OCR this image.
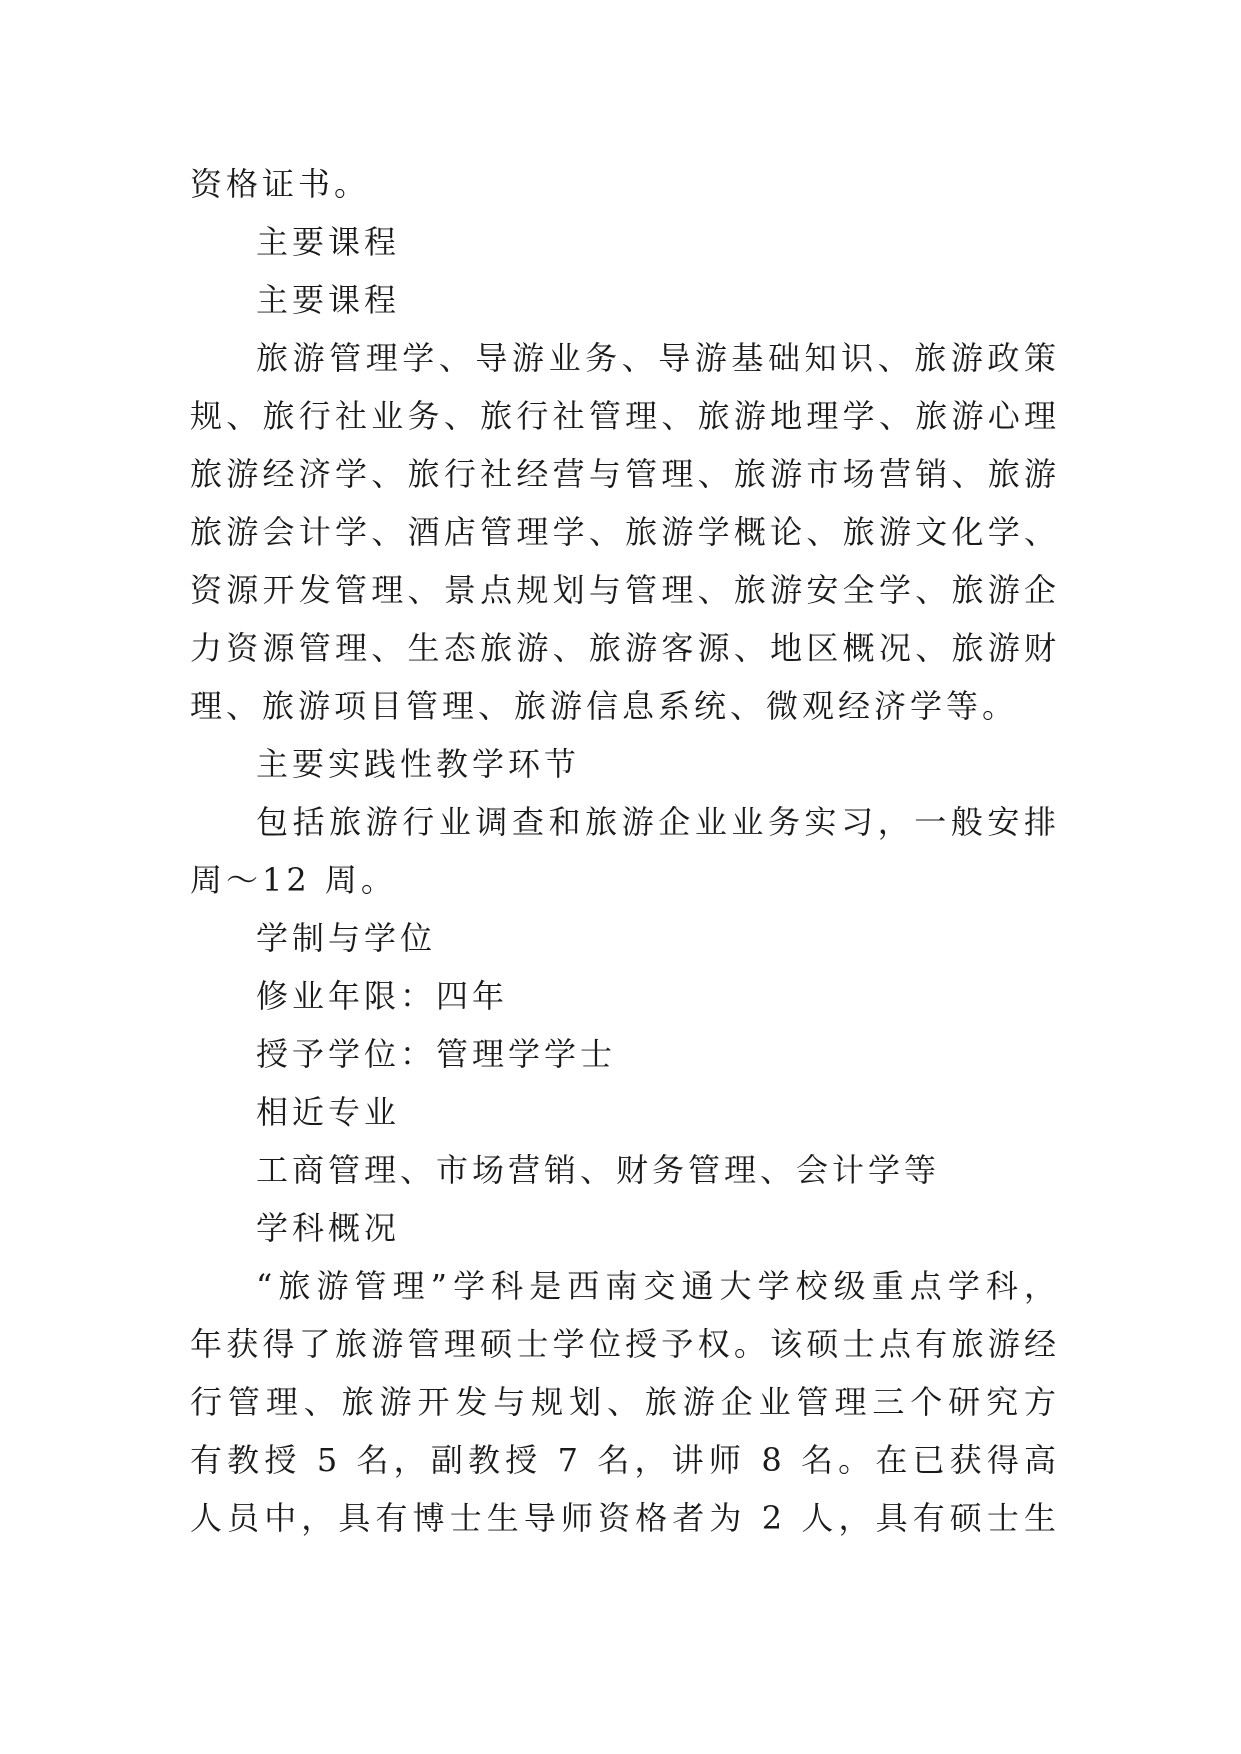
资格证书。

主要课程

主要课程

旅游管理学、导游业务、导游基础知识、旅游政策

规、旅行社业务、旅行社管理、旅游地理学、旅游心理

旅游经济学、旅行社经营与管理、旅游市场营销、旅游

旅游会计学、酒店管理学、旅游学概论、旅游文化学、

资源开发管理、景点规划与管理、旅游安全学、旅游企

力资源管理、生态旅游、旅游客源、地区概况、旅游财

理、旅游项目管理、旅游信息系统、微观经济学等。

主要实践性教学环节

包括旅游行业调查和旅游企业业务实习，一般安排

周～12 周。

学制与学位

修业年限：四年

授予学位：管理学学士

相近专业

工商管理、市场营销、财务管理、会计学等

学科概况

“旅游管理”学科是西南交通大学校级重点学科，

年获得了旅游管理硕士学位授予权。该硕士点有旅游经

行管理、旅游开发与规划、旅游企业管理三个研究方

有教授 5 名，副教授 7 名，讲师 8 名。在已获得高

人员中，具有博士生导师资格者为 2 人，具有硕士生
